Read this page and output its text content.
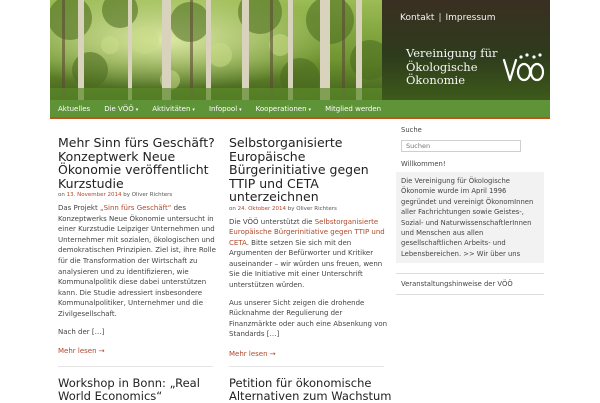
Kontakt | Impressum
Vereinigung für
Ökologische
Ökonomie
Aktuelles	Die VÖÖ ▾	Aktivitäten ▾	Infopool ▾	Kooperationen ▾	Mitglied werden
Mehr Sinn fürs Geschäft? Konzeptwerk Neue Ökonomie veröffentlicht Kurzstudie
on 13. November 2014 by Oliver Richters
Das Projekt „Sinn fürs Geschäft“ des Konzeptwerks Neue Ökonomie untersucht in einer Kurzstudie Leipziger Unternehmen und Unternehmer mit sozialen, ökologischen und demokratischen Prinzipien. Ziel ist, ihre Rolle für die Transformation der Wirtschaft zu analysieren und zu identifizieren, wie Kommunalpolitik diese dabei unterstützen kann. Die Studie adressiert insbesondere Kommunalpolitiker, Unternehmer und die Zivilgesellschaft.
Nach der […]
Mehr lesen →
Selbstorganisierte Europäische Bürgerinitiative gegen TTIP und CETA unterzeichnen
on 24. Oktober 2014 by Oliver Richters
Die VÖÖ unterstützt die Selbstorganisierte Europäische Bürgerinitiative gegen TTIP und CETA. Bitte setzen Sie sich mit den Argumenten der Befürworter und Kritiker auseinander – wir würden uns freuen, wenn Sie die Initiative mit einer Unterschrift unterstützen würden.
Aus unserer Sicht zeigen die drohende Rücknahme der Regulierung der Finanzmärkte oder auch eine Absenkung von Standards […]
Mehr lesen →
Workshop in Bonn: „Real World Economics“
Petition für ökonomische Alternativen zum Wachstum
Suche
Suchen
Willkommen!
Die Vereinigung für Ökologische Ökonomie wurde im April 1996 gegründet und vereinigt ÖkonomInnen aller Fachrichtungen sowie Geistes-, Sozial- und NaturwissenschaftlerInnen und Menschen aus allen gesellschaftlichen Arbeits- und Lebensbereichen. >> Wir über uns
Veranstaltungshinweise der VÖÖ
